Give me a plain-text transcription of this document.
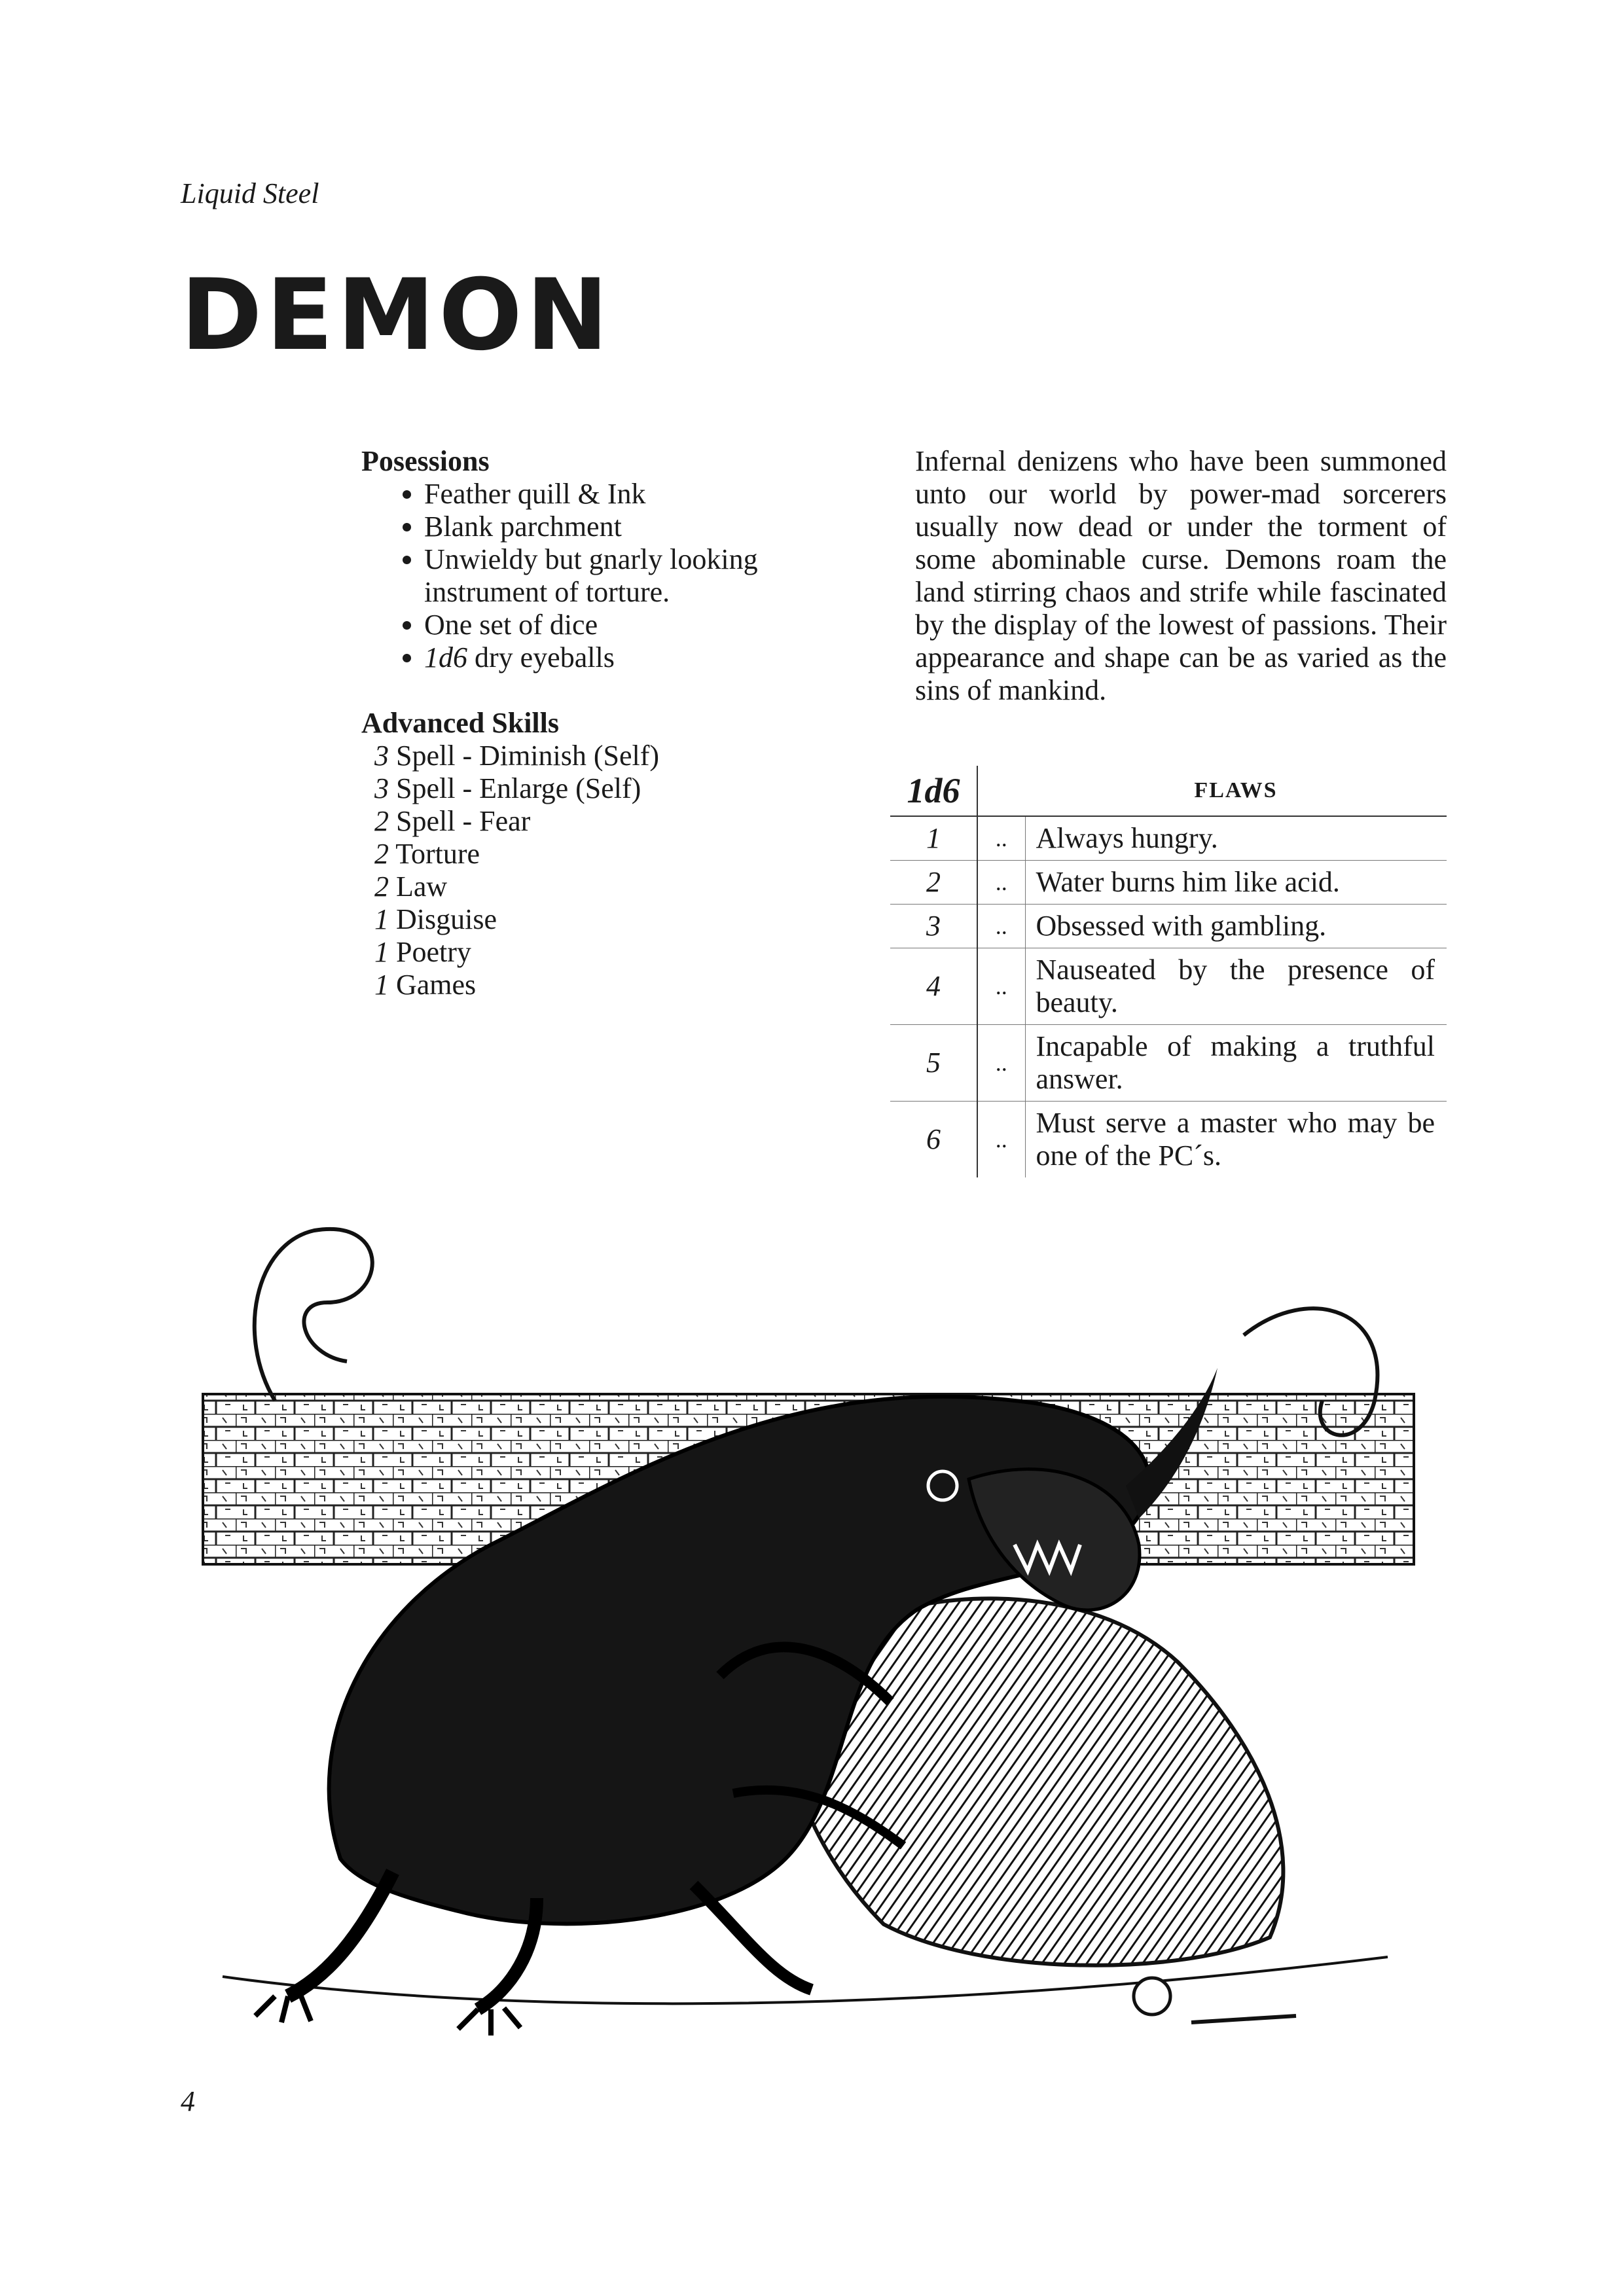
Liquid Steel
DEMON

Posessions

• Feather quill & Ink
• Blank parchment
• Unwieldy but gnarly looking instrument of torture.
• One set of dice
• 1d6 dry eyeballs

Advanced Skills

3 Spell - Diminish (Self)
3 Spell - Enlarge (Self)
2 Spell - Fear
2 Torture
2 Law
1 Disguise
1 Poetry
1 Games

Infernal denizens who have been summoned unto our world by power-mad sorcerers usually now dead or under the torment of some abominable curse. Demons roam the land stirring chaos and strife while fascinated by the display of the lowest of passions. Their appearance and shape can be as varied as the sins of mankind.

1d6		FLAWS
1	..	Always hungry.
2	..	Water burns him like acid.
3	..	Obsessed with gambling.
4	..	Nauseated by the presence of beauty.
5	..	Incapable of making a truthful answer.
6	..	Must serve a master who may be one of the PC´s.
4
